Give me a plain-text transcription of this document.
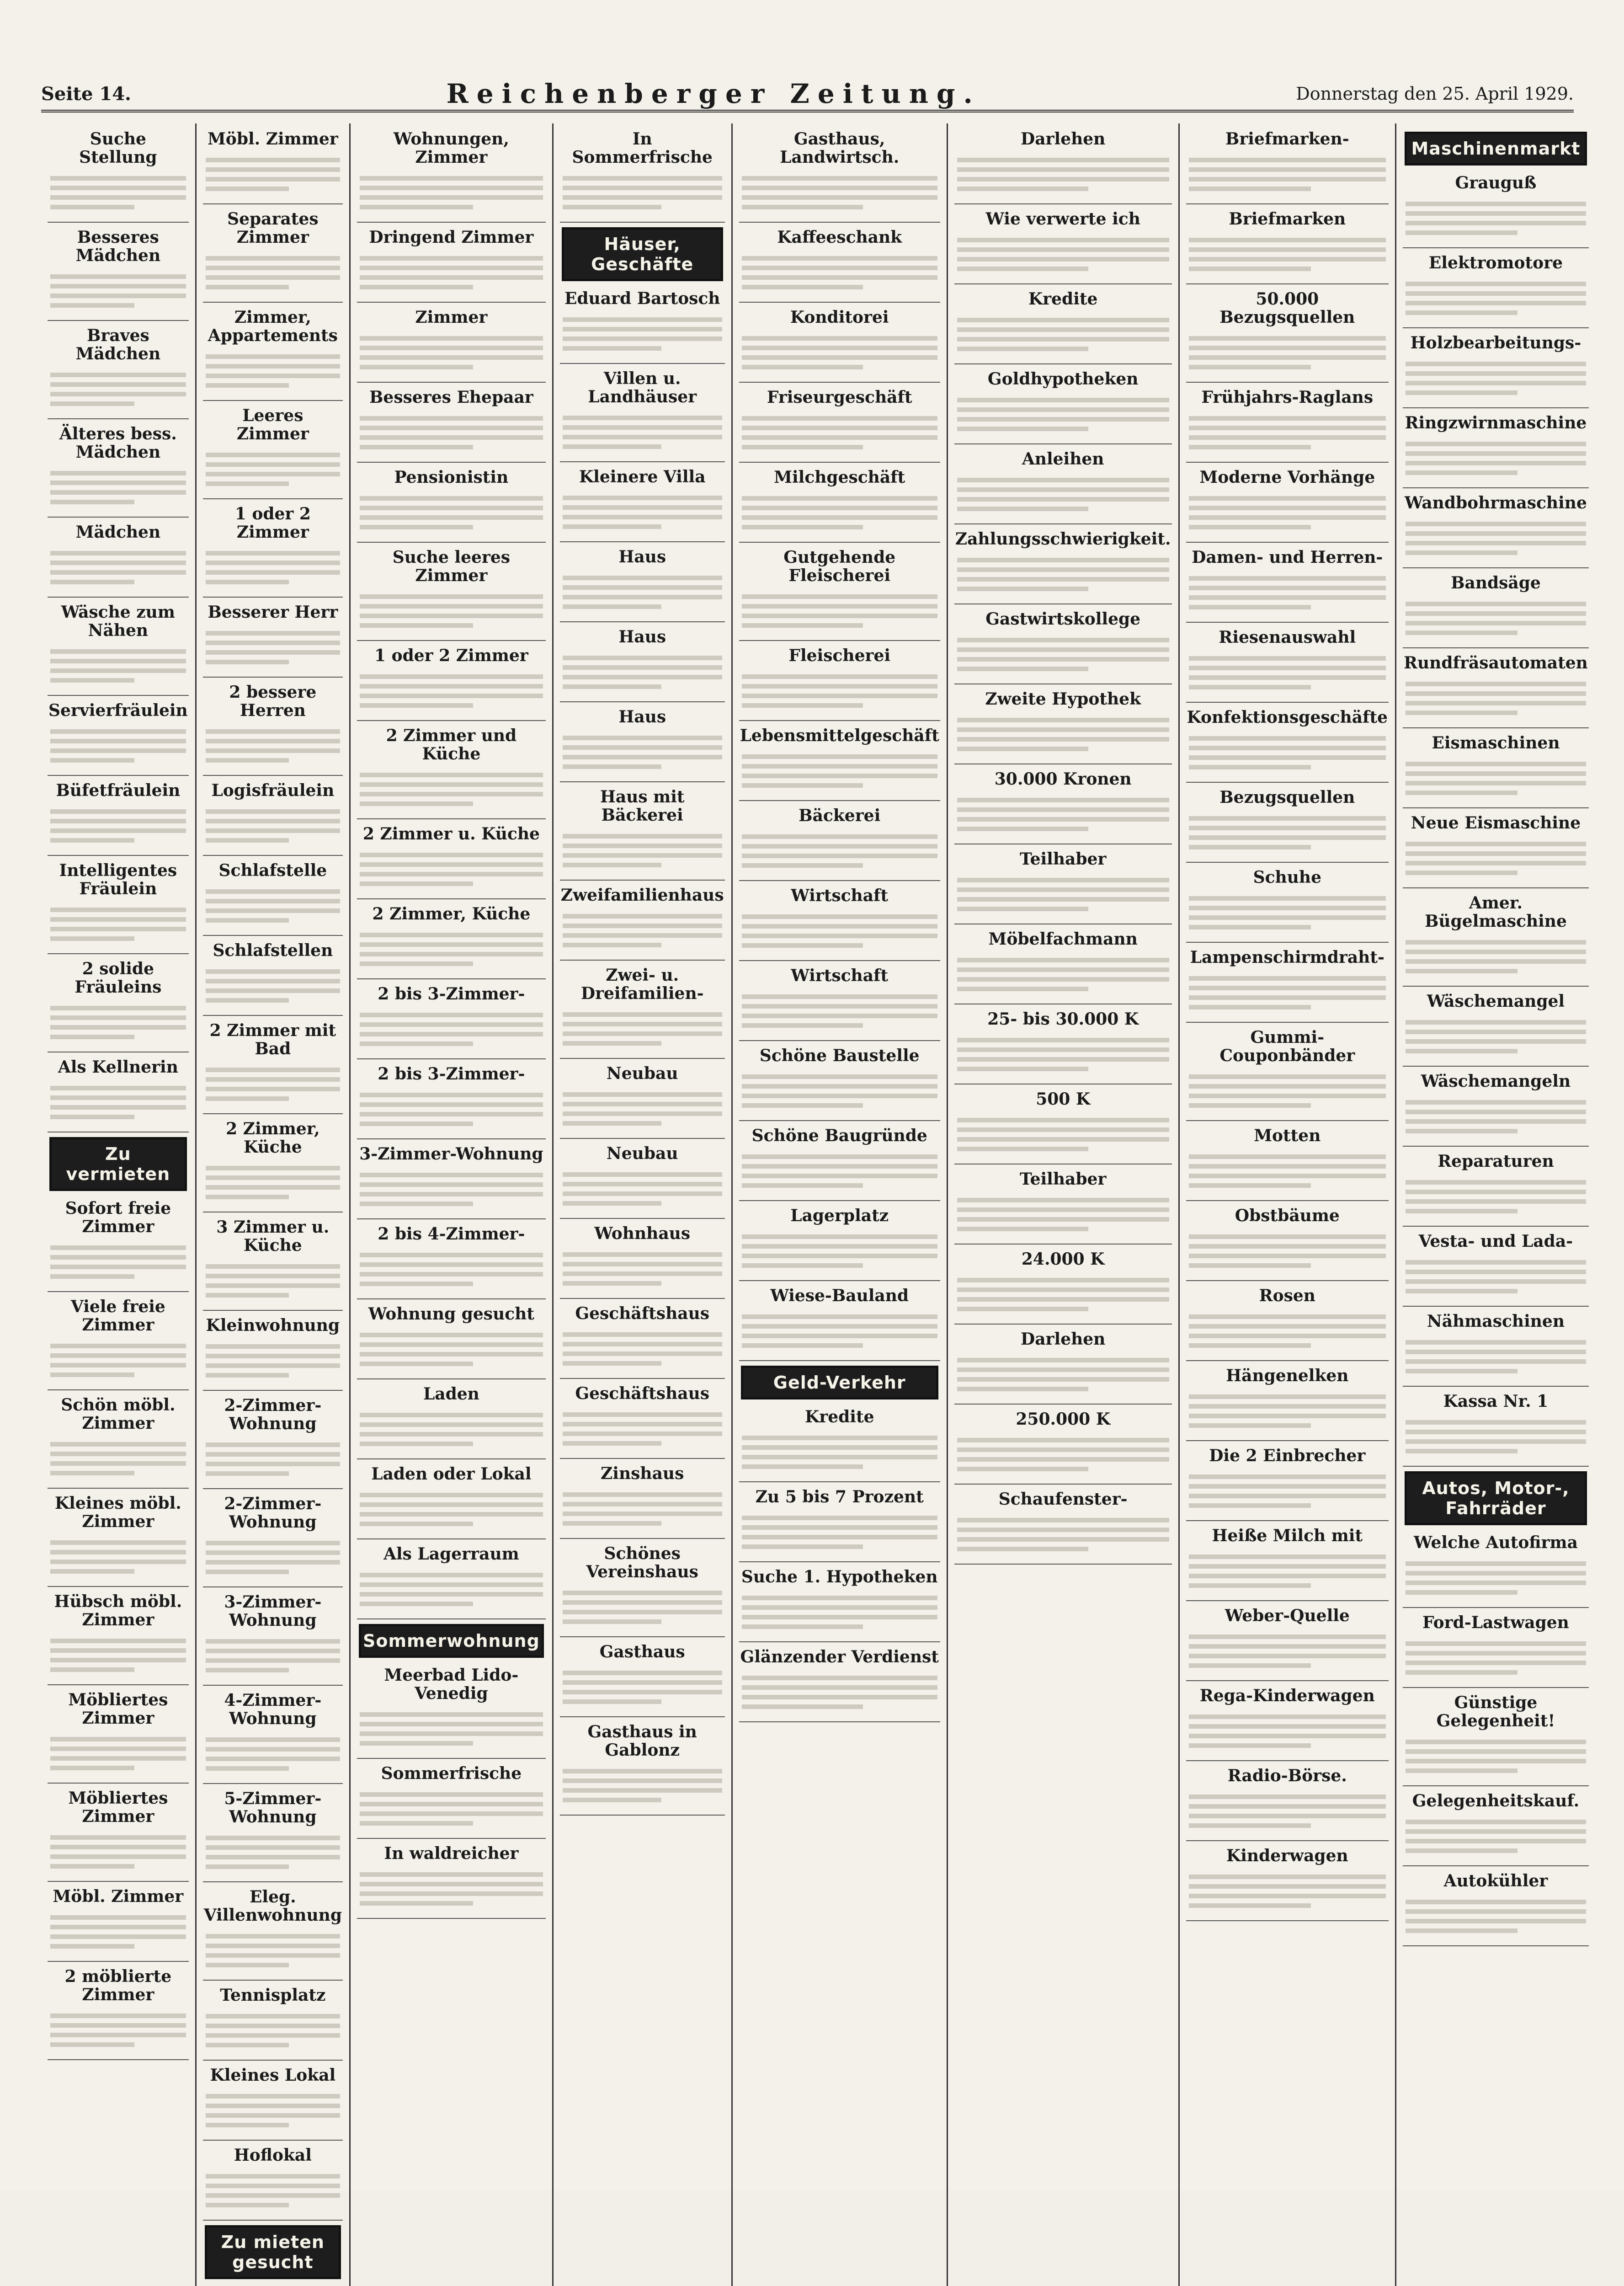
Seite 14.	Reichenberger Zeitung.	Donnerstag den 25. April 1929.
Suche Stellung
Besseres Mädchen
Braves Mädchen
Älteres bess. Mädchen
Mädchen
Wäsche zum Nähen
Servierfräulein
Büfetfräulein
Intelligentes Fräulein
2 solide Fräuleins
Als Kellnerin
Zu vermieten
Sofort freie Zimmer
Viele freie Zimmer
Schön möbl. Zimmer
Kleines möbl. Zimmer
Hübsch möbl. Zimmer
Möbliertes Zimmer
Möbliertes Zimmer
Möbl. Zimmer
2 möblierte Zimmer
Möbl. Zimmer
Separates Zimmer
Zimmer, Appartements
Leeres Zimmer
1 oder 2 Zimmer
Besserer Herr
2 bessere Herren
Logisfräulein
Schlafstelle
Schlafstellen
2 Zimmer mit Bad
2 Zimmer, Küche
3 Zimmer u. Küche
Kleinwohnung
2-Zimmer-Wohnung
2-Zimmer-Wohnung
3-Zimmer-Wohnung
4-Zimmer-Wohnung
5-Zimmer-Wohnung
Eleg. Villenwohnung
Tennisplatz
Kleines Lokal
Hoflokal
Zu mieten gesucht
Wohnungen, Zimmer
Dringend Zimmer
Zimmer
Besseres Ehepaar
Pensionistin
Suche leeres Zimmer
1 oder 2 Zimmer
2 Zimmer und Küche
2 Zimmer u. Küche
2 Zimmer, Küche
2 bis 3-Zimmer-
2 bis 3-Zimmer-
3-Zimmer-Wohnung
2 bis 4-Zimmer-
Wohnung gesucht
Laden
Laden oder Lokal
Als Lagerraum
Sommerwohnung
Meerbad Lido-Venedig
Sommerfrische
In waldreicher
In Sommerfrische
Häuser, Geschäfte
Eduard Bartosch
Villen u. Landhäuser
Kleinere Villa
Haus
Haus
Haus
Haus mit Bäckerei
Zweifamilienhaus
Zwei- u. Dreifamilien-
Neubau
Neubau
Wohnhaus
Geschäftshaus
Geschäftshaus
Zinshaus
Schönes Vereinshaus
Gasthaus
Gasthaus in Gablonz
Gasthaus, Landwirtsch.
Kaffeeschank
Konditorei
Friseurgeschäft
Milchgeschäft
Gutgehende Fleischerei
Fleischerei
Lebensmittelgeschäft
Bäckerei
Wirtschaft
Wirtschaft
Schöne Baustelle
Schöne Baugründe
Lagerplatz
Wiese-Bauland
Geld-Verkehr
Kredite
Zu 5 bis 7 Prozent
Suche 1. Hypotheken
Glänzender Verdienst
Darlehen
Wie verwerte ich
Kredite
Goldhypotheken
Anleihen
Zahlungsschwierigkeit.
Gastwirtskollege
Zweite Hypothek
30.000 Kronen
Teilhaber
Möbelfachmann
25- bis 30.000 K
500 K
Teilhaber
24.000 K
Darlehen
250.000 K
Schaufenster-
Briefmarken-
Briefmarken
50.000 Bezugsquellen
Frühjahrs-Raglans
Moderne Vorhänge
Damen- und Herren-
Riesenauswahl
Konfektionsgeschäfte
Bezugsquellen
Schuhe
Lampenschirmdraht-
Gummi-Couponbänder
Motten
Obstbäume
Rosen
Hängenelken
Die 2 Einbrecher
Heiße Milch mit
Weber-Quelle
Rega-Kinderwagen
Radio-Börse.
Kinderwagen
Maschinenmarkt
Grauguß
Elektromotore
Holzbearbeitungs-
Ringzwirnmaschine
Wandbohrmaschine
Bandsäge
Rundfräsautomaten
Eismaschinen
Neue Eismaschine
Amer. Bügelmaschine
Wäschemangel
Wäschemangeln
Reparaturen
Vesta- und Lada-
Nähmaschinen
Kassa Nr. 1
Autos, Motor-, Fahrräder
Welche Autofirma
Ford-Lastwagen
Günstige Gelegenheit!
Gelegenheitskauf.
Autokühler
